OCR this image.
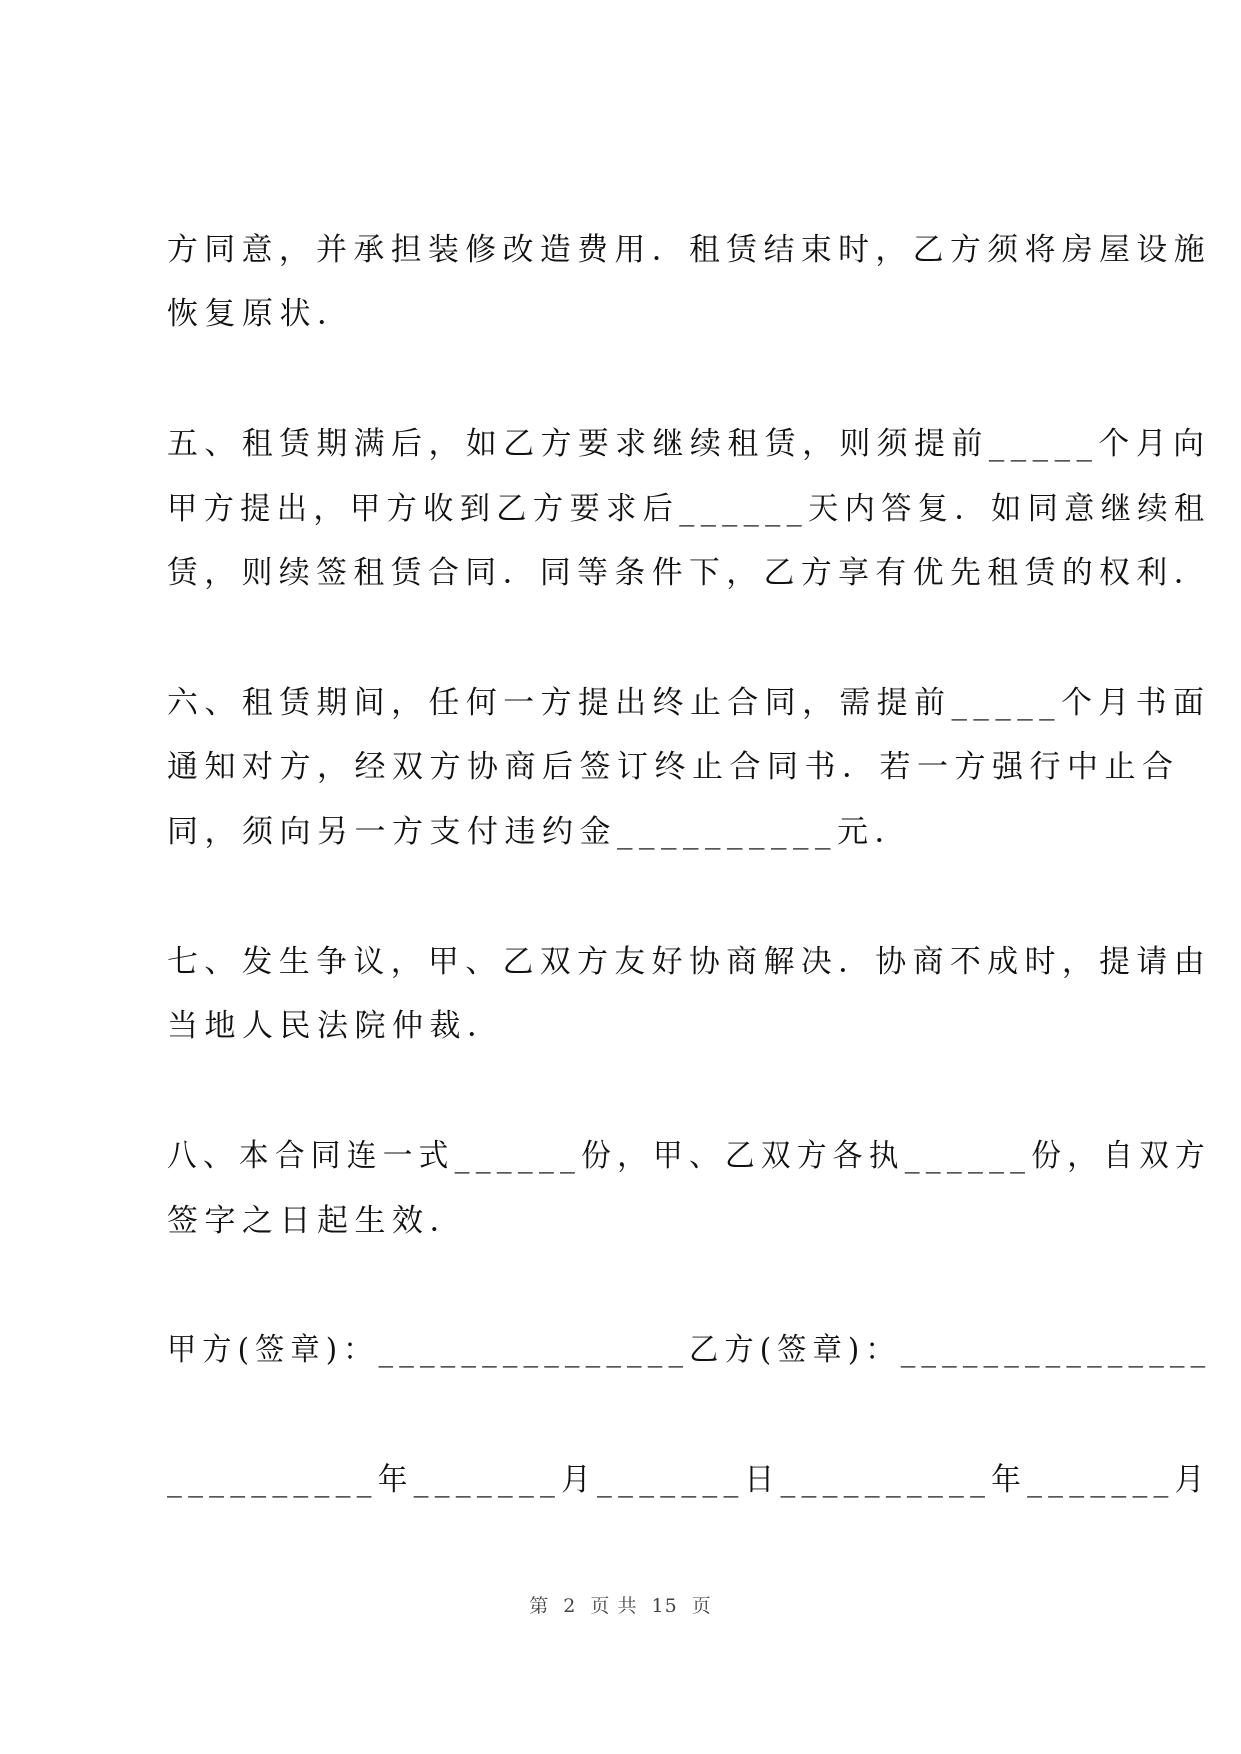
方同意，并承担装修改造费用．租赁结束时，乙方须将房屋设施
恢复原状．
五、租赁期满后，如乙方要求继续租赁，则须提前_____个月向
甲方提出，甲方收到乙方要求后______天内答复．如同意继续租
赁，则续签租赁合同．同等条件下，乙方享有优先租赁的权利．
六、租赁期间，任何一方提出终止合同，需提前_____个月书面
通知对方，经双方协商后签订终止合同书．若一方强行中止合
同，须向另一方支付违约金__________元．
七、发生争议，甲、乙双方友好协商解决．协商不成时，提请由
当地人民法院仲裁．
八、本合同连一式______份，甲、乙双方各执______份，自双方
签字之日起生效．
甲方(签章)：_______________乙方(签章)：_______________
__________年_______月_______日__________年_______月
第  2  页 共  15  页
